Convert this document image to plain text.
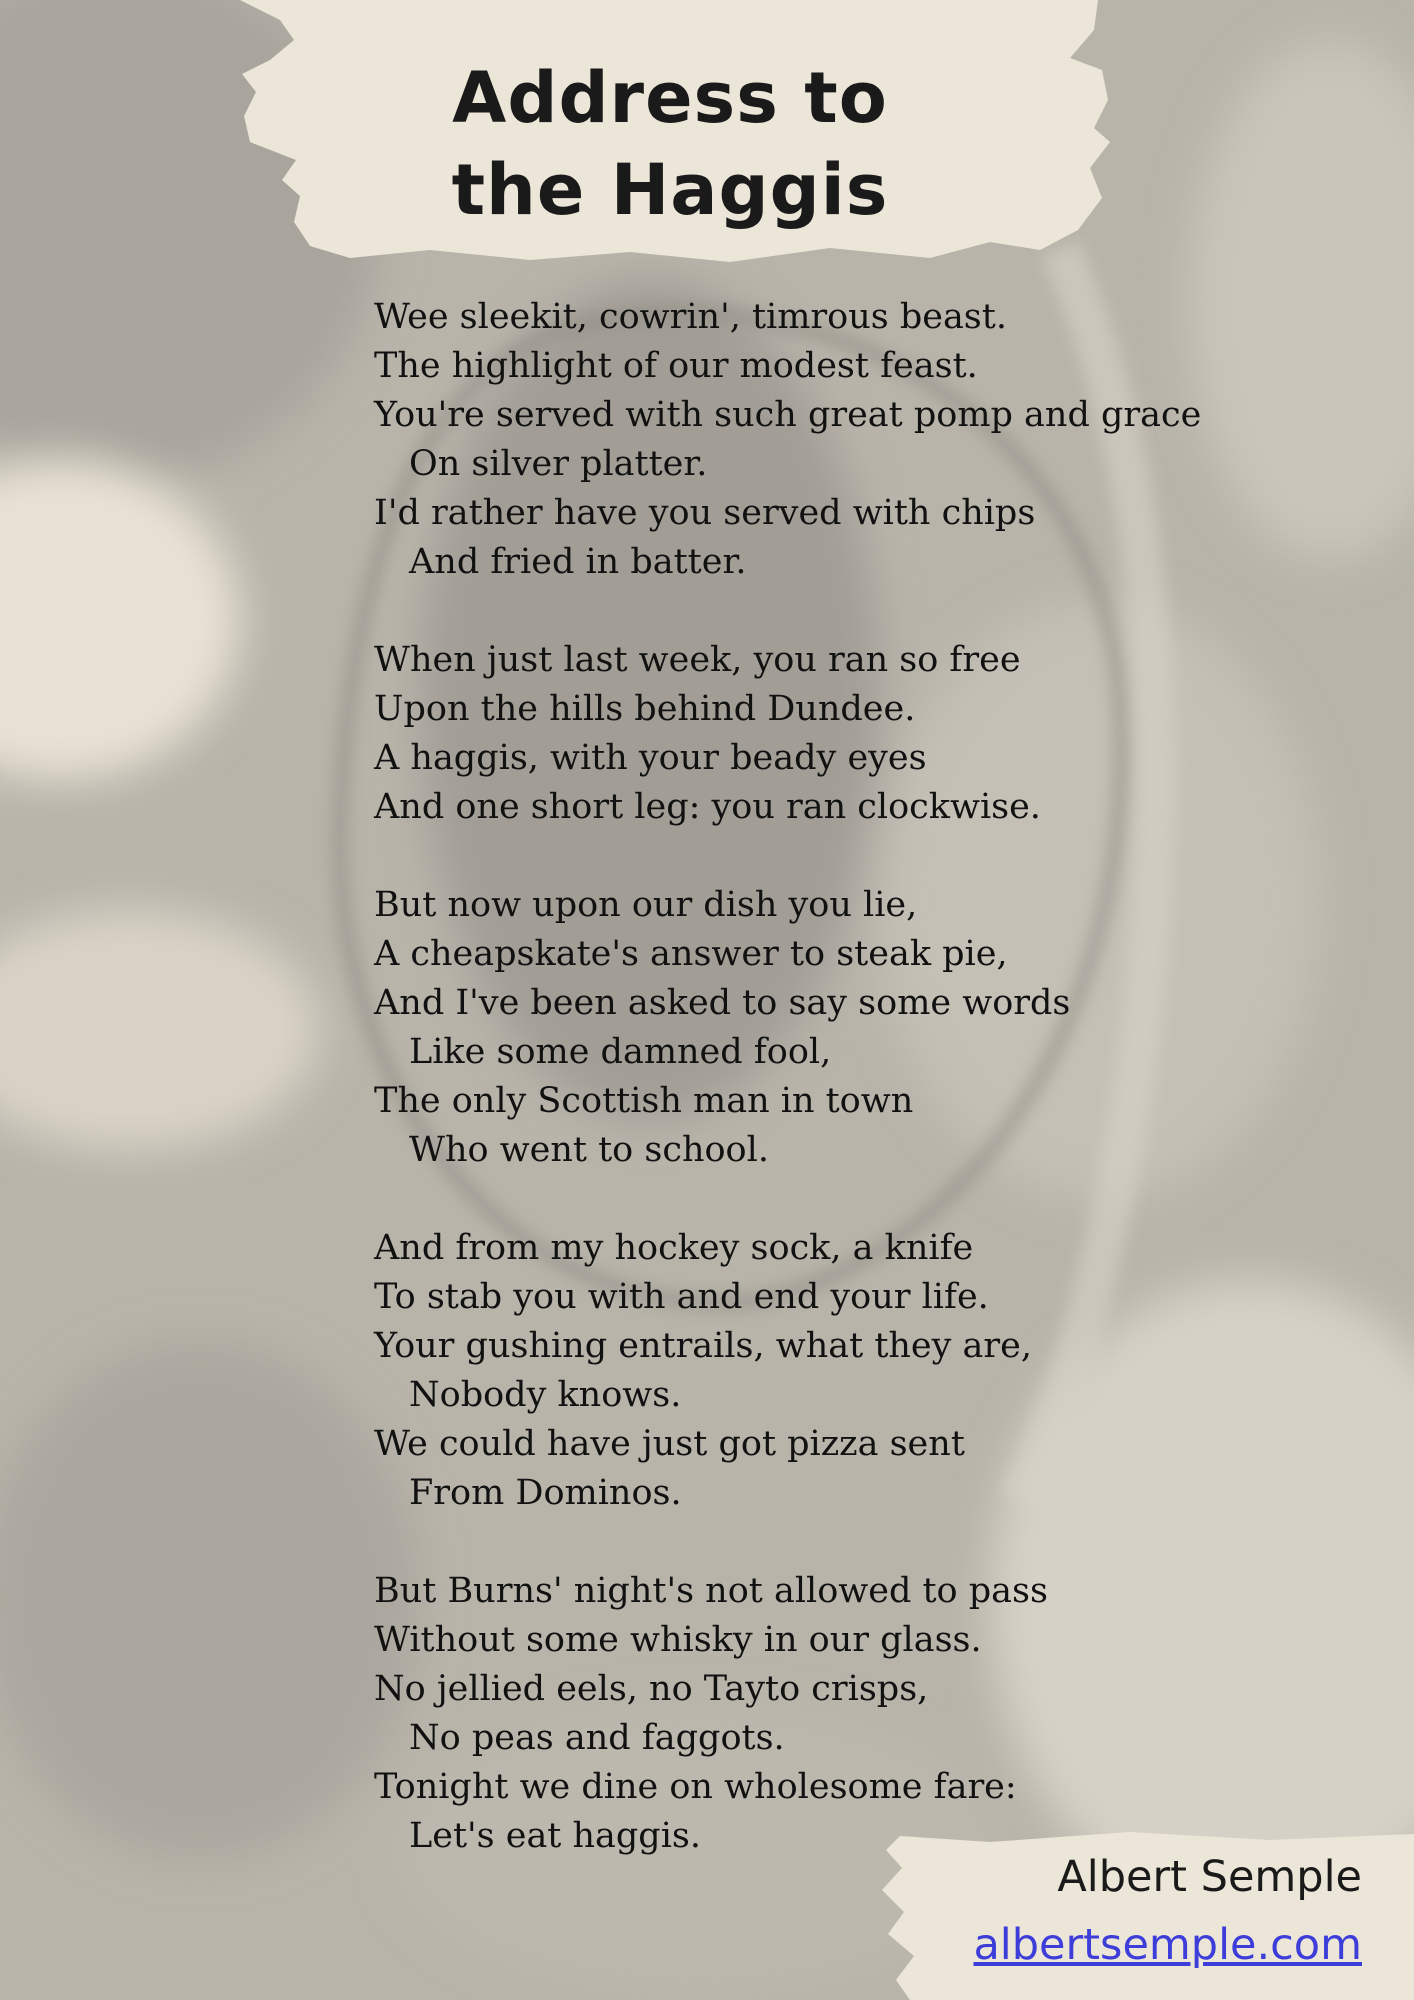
Address to
the Haggis
Wee sleekit, cowrin', timrous beast.
The highlight of our modest feast.
You're served with such great pomp and grace
On silver platter.
I'd rather have you served with chips
And fried in batter.
When just last week, you ran so free
Upon the hills behind Dundee.
A haggis, with your beady eyes
And one short leg: you ran clockwise.
But now upon our dish you lie,
A cheapskate's answer to steak pie,
And I've been asked to say some words
Like some damned fool,
The only Scottish man in town
Who went to school.
And from my hockey sock, a knife
To stab you with and end your life.
Your gushing entrails, what they are,
Nobody knows.
We could have just got pizza sent
From Dominos.
But Burns' night's not allowed to pass
Without some whisky in our glass.
No jellied eels, no Tayto crisps,
No peas and faggots.
Tonight we dine on wholesome fare:
Let's eat haggis.
Albert Semple
albertsemple.com
